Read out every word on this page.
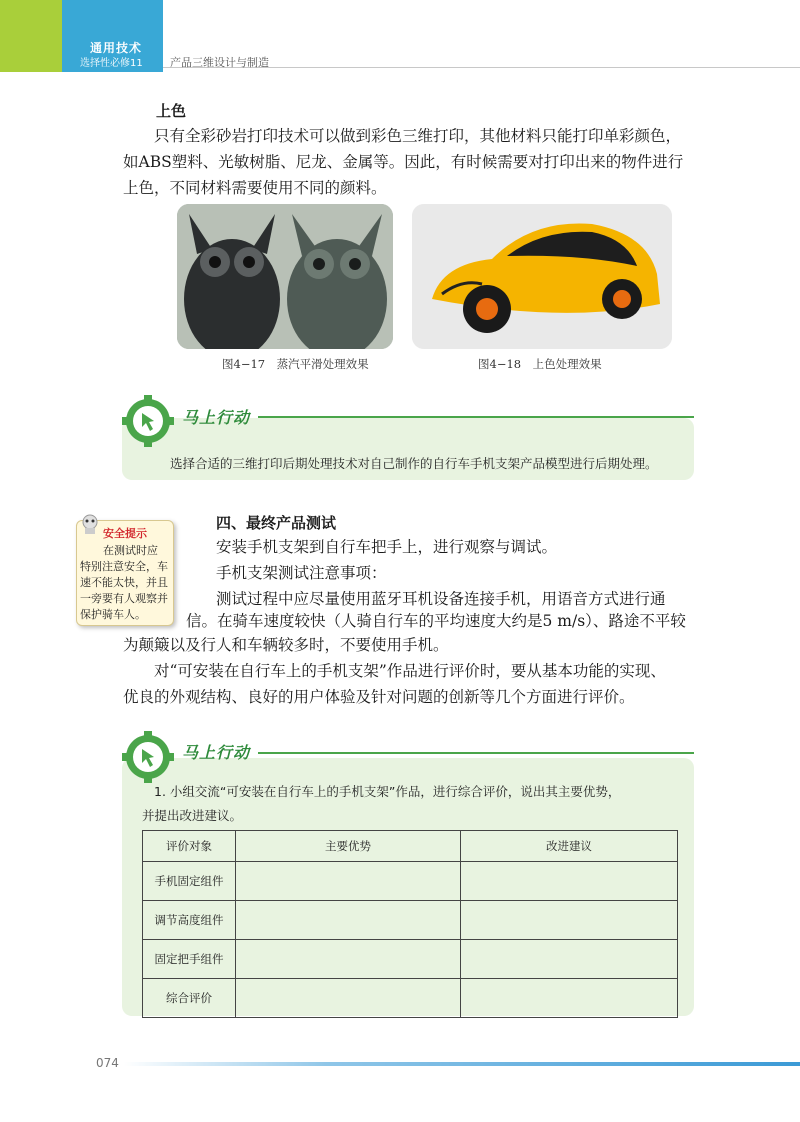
通用技术
选择性必修11 产品三维设计与制造
上色
只有全彩砂岩打印技术可以做到彩色三维打印，其他材料只能打印单彩颜色，
如ABS塑料、光敏树脂、尼龙、金属等。因此，有时候需要对打印出来的物件进行
上色，不同材料需要使用不同的颜料。
图4−17　蒸汽平滑处理效果	图4−18　上色处理效果
马上行动
选择合适的三维打印后期处理技术对自己制作的自行车手机支架产品模型进行后期处理。
安全提示
在测试时应
特别注意安全，车
速不能太快，并且
一旁要有人观察并
保护骑车人。
四、最终产品测试
安装手机支架到自行车把手上，进行观察与调试。
手机支架测试注意事项：
测试过程中应尽量使用蓝牙耳机设备连接手机，用语音方式进行通
信。在骑车速度较快（人骑自行车的平均速度大约是5 m/s）、路途不平较
为颠簸以及行人和车辆较多时，不要使用手机。
对“可安装在自行车上的手机支架”作品进行评价时，要从基本功能的实现、
优良的外观结构、良好的用户体验及针对问题的创新等几个方面进行评价。
马上行动
1. 小组交流“可安装在自行车上的手机支架”作品，进行综合评价，说出其主要优势，
并提出改进建议。
评价对象	主要优势	改进建议
手机固定组件		
调节高度组件		
固定把手组件		
综合评价		
074
